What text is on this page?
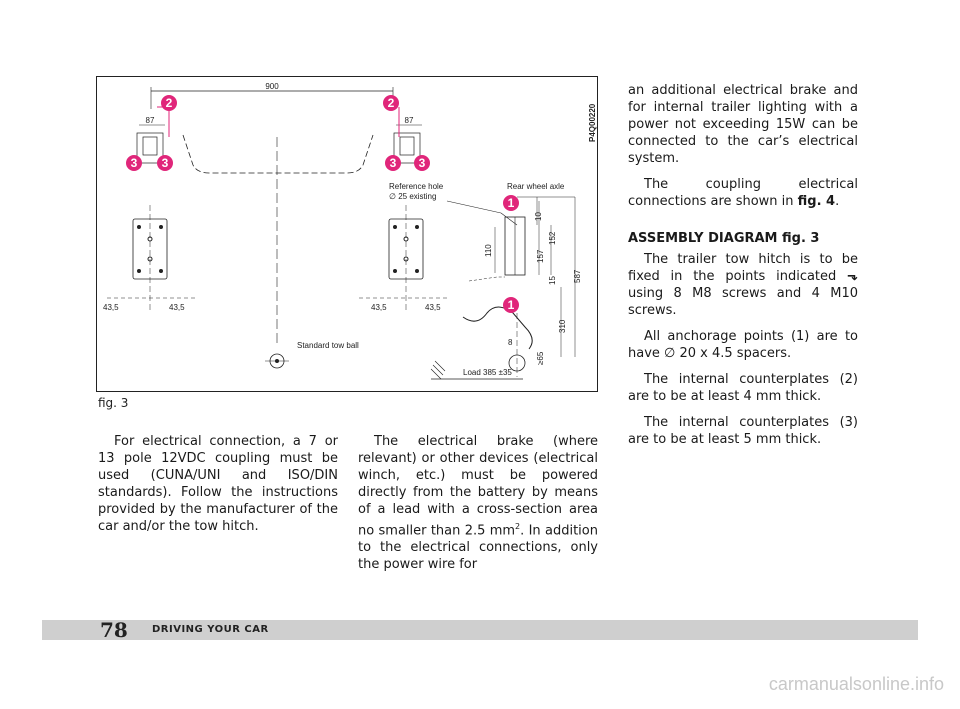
900
87	87
43,5	43,5	43,5	43,5
Standard tow ball
Reference hole
∅ 25 existing
Rear wheel axle
110	157
152
10
15 587
310
8
≥65
Load 385 ±35
2	2
3 3	3 3
1
1
P4Q00220
fig. 3

For electrical connection, a 7 or 13 pole 12VDC coupling must be used (CUNA/UNI and ISO/DIN standards). Follow the instructions provided by the manufacturer of the car and/or the tow hitch.

The electrical brake (where relevant) or other devices (electrical winch, etc.) must be powered directly from the battery by means of a lead with a cross-section area no smaller than 2.5 $mm^2$. In addition to the electrical connections, only the power wire for

an additional electrical brake and for internal trailer lighting with a power not exceeding 15W can be connected to the car’s electrical system.

The coupling electrical connections are shown in fig. 4.

ASSEMBLY DIAGRAM fig. 3

The trailer tow hitch is to be fixed in the points indicated ⬎ using 8 M8 screws and 4 M10 screws.

All anchorage points (1) are to have ∅ 20 x 4.5 spacers.

The internal counterplates (2) are to be at least 4 mm thick.

The internal counterplates (3) are to be at least 5 mm thick.

78 DRIVING YOUR CAR
carmanualsonline.info
